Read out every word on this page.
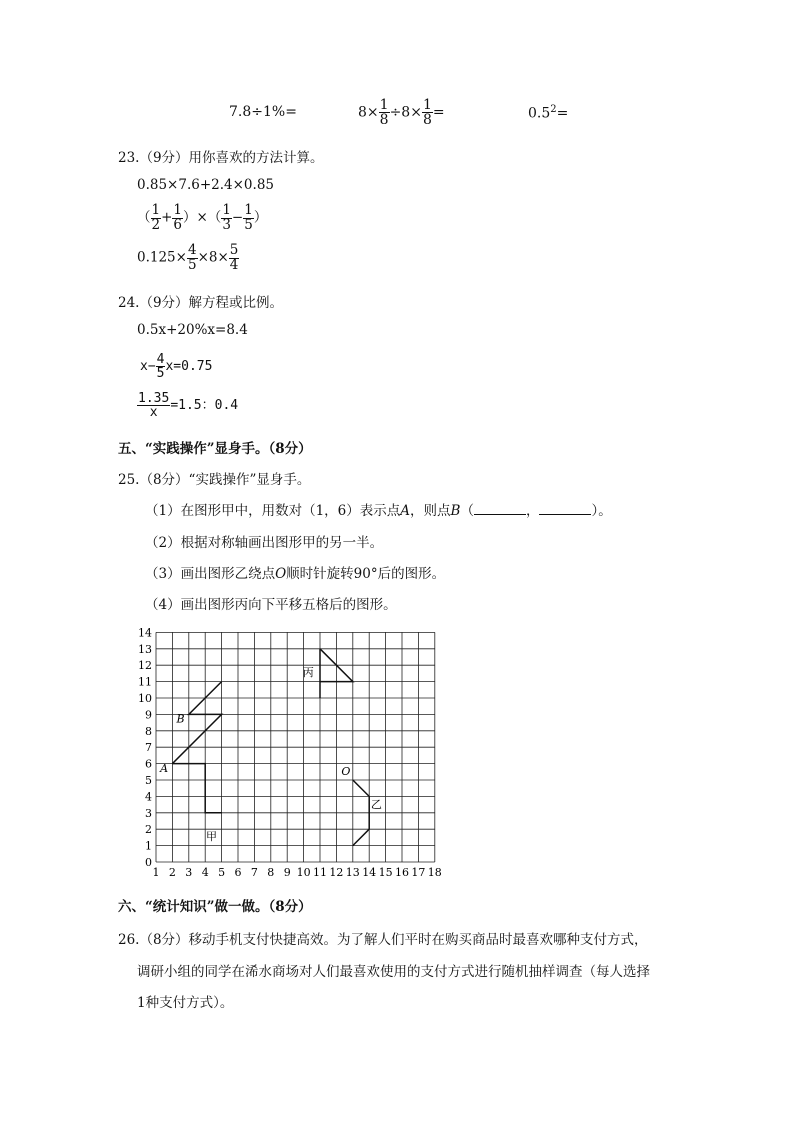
7.8÷1%=	$8\times \frac{1}{8} \div 8\times \frac{1}{8}$ =	$0.5^2=$
23.（9分）用你喜欢的方法计算。
0.85×7.6+2.4×0.85
（ $\frac{1}{2} + \frac{1}{6}$ ）×（ $\frac{1}{3} - \frac{1}{5}$ ）
$0.125\times \frac{4}{5} \times 8\times \frac{5}{4}$
24.（9分）解方程或比例。
0.5x+20%x=8.4
$x- \frac{4}{5} x=0.75$
$\frac{1.35}{x} =1.5$：0.4
五、“实践操作”显身手。（8分）
25.（8分）“实践操作”显身手。
（1）在图形甲中，用数对（1，6）表示点A，则点B（	，	）。
（2）根据对称轴画出图形甲的另一半。
（3）画出图形乙绕点O顺时针旋转90°后的图形。
（4）画出图形丙向下平移五格后的图形。
1 2 3 4 5 6 7 8 9 10 11 12 13 14 15 16 17 18
0
1
2
3
4
5
6
7
8
9
10
11
12
13
14
A
B
O
甲
乙
丙
六、“统计知识”做一做。（8分）
26.（8分）移动手机支付快捷高效。为了解人们平时在购买商品时最喜欢哪种支付方式，
调研小组的同学在浠水商场对人们最喜欢使用的支付方式进行随机抽样调查（每人选择
1种支付方式）。
